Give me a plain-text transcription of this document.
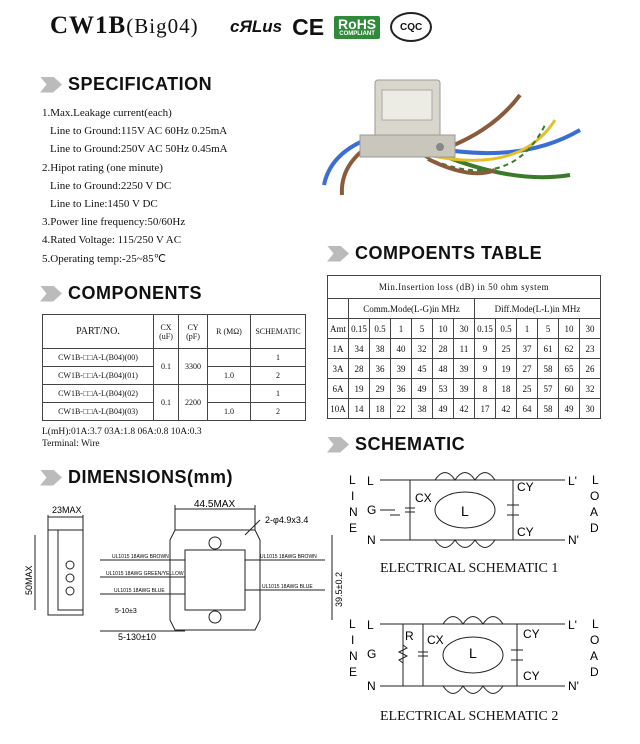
CW1B(Big04) cЯLus CE RoHS
COMPLIANT
CQC
SPECIFICATION
1.Max.Leakage current(each)
Line to Ground:115V AC 60Hz 0.25mA
Line to Ground:250V AC 50Hz 0.45mA
2.Hipot rating (one minute)
Line to Ground:2250 V DC
Line to Line:1450 V DC
3.Power line frequency:50/60Hz
4.Rated Voltage: 115/250 V AC
5.Operating temp:-25~85℃
COMPONENTS
PART/NO.	CX (uF)	CY (pF)	R (MΩ)	SCHEMATIC
CW1B-□□A-L(B04)(00)	0.1	3300		1
CW1B-□□A-L(B04)(01)			1.0	2
CW1B-□□A-L(B04)(02)	0.1	2200		1
CW1B-□□A-L(B04)(03)			1.0	2
L(mH):01A:3.7 03A:1.8 06A:0.8 10A:0.3
Terminal: Wire
COMPOENTS TABLE
Min.Insertion loss (dB) in 50 ohm system												
	Comm.Mode(L-G)in MHz						Diff.Mode(L-L)in MHz					
Amt	0.15	0.5	1	5	10	30	0.15	0.5	1	5	10	30
1A	34	38	40	32	28	11	9	25	37	61	62	23
3A	28	36	39	45	48	39	9	19	27	58	65	26
6A	19	29	36	49	53	39	8	18	25	57	60	32
10A	14	18	22	38	49	42	17	42	64	58	49	30
DIMENSIONS(mm)
23MAX
50MAX
44.5MAX
2-φ4.9x3.4
UL1015 18AWG BROWN
UL1015 18AWG GREEN/YELLOW
UL1015 18AWG BLUE
UL1015 18AWG BROWN
UL1015 18AWG BLUE 39.5±0.2
5-10±3
5-130±10
SCHEMATIC
L
I
N
E
L
O
A
D
L
G
N
L'
N'
CX
CY
CY
L
ELECTRICAL SCHEMATIC 1
L
I
N
E
L
O
A
D
L
G
N
L'
N'
R CX	CY
CY
L
ELECTRICAL SCHEMATIC 2
